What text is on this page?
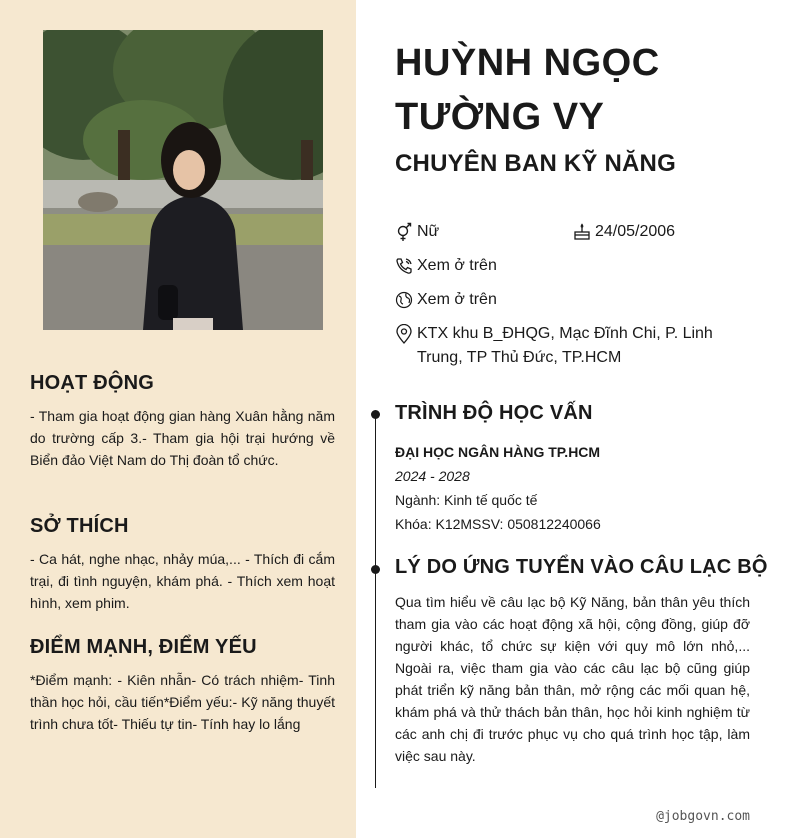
HOẠT ĐỘNG

- Tham gia hoạt động gian hàng Xuân hằng năm do trường cấp 3.- Tham gia hội trại hướng về Biển đảo Việt Nam do Thị đoàn tổ chức.

SỞ THÍCH

- Ca hát, nghe nhạc, nhảy múa,... - Thích đi cắm trại, đi tình nguyện, khám phá. - Thích xem hoạt hình, xem phim.

ĐIỂM MẠNH, ĐIỂM YẾU

*Điểm mạnh: - Kiên nhẫn- Có trách nhiệm- Tinh thần học hỏi, cầu tiến*Điểm yếu:- Kỹ năng thuyết trình chưa tốt- Thiếu tự tin- Tính hay lo lắng

HUỲNH NGỌC TƯỜNG VY
CHUYÊN BAN KỸ NĂNG
Nữ	24/05/2006
Xem ở trên
Xem ở trên
KTX khu B_ĐHQG, Mạc Đĩnh Chi, P. Linh Trung, TP Thủ Đức, TP.HCM
TRÌNH ĐỘ HỌC VẤN
ĐẠI HỌC NGÂN HÀNG TP.HCM
2024 - 2028
Ngành: Kinh tế quốc tế
Khóa: K12MSSV: 050812240066
LÝ DO ỨNG TUYỂN VÀO CÂU LẠC BỘ

Qua tìm hiểu về câu lạc bộ Kỹ Năng, bản thân yêu thích tham gia vào các hoạt động xã hội, cộng đồng, giúp đỡ người khác, tổ chức sự kiện với quy mô lớn nhỏ,... Ngoài ra, việc tham gia vào các câu lạc bộ cũng giúp phát triển kỹ năng bản thân, mở rộng các mối quan hệ, khám phá và thử thách bản thân, học hỏi kinh nghiệm từ các anh chị đi trước phục vụ cho quá trình học tập, làm việc sau này.

@jobgovn.com
